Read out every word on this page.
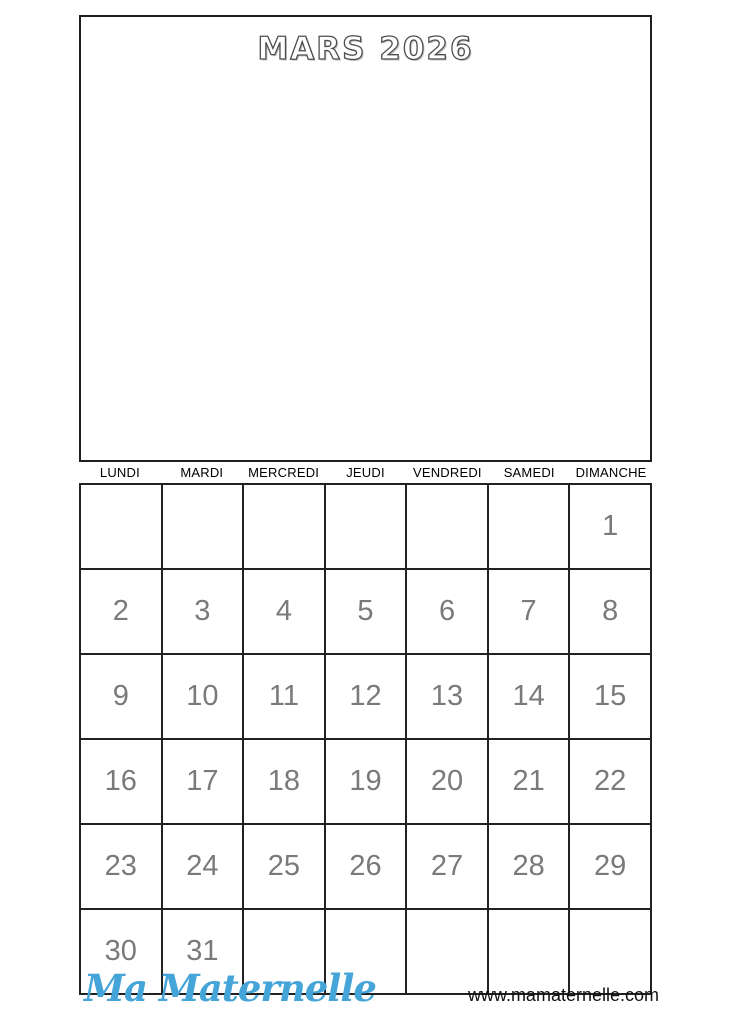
MARS 2026
LUNDI	MARDI	MERCREDI	JEUDI	VENDREDI	SAMEDI	DIMANCHE
						1
2	3	4	5	6	7	8
9	10	11	12	13	14	15
16	17	18	19	20	21	22
23	24	25	26	27	28	29
30	31					
Ma Maternelle	www.mamaternelle.com
